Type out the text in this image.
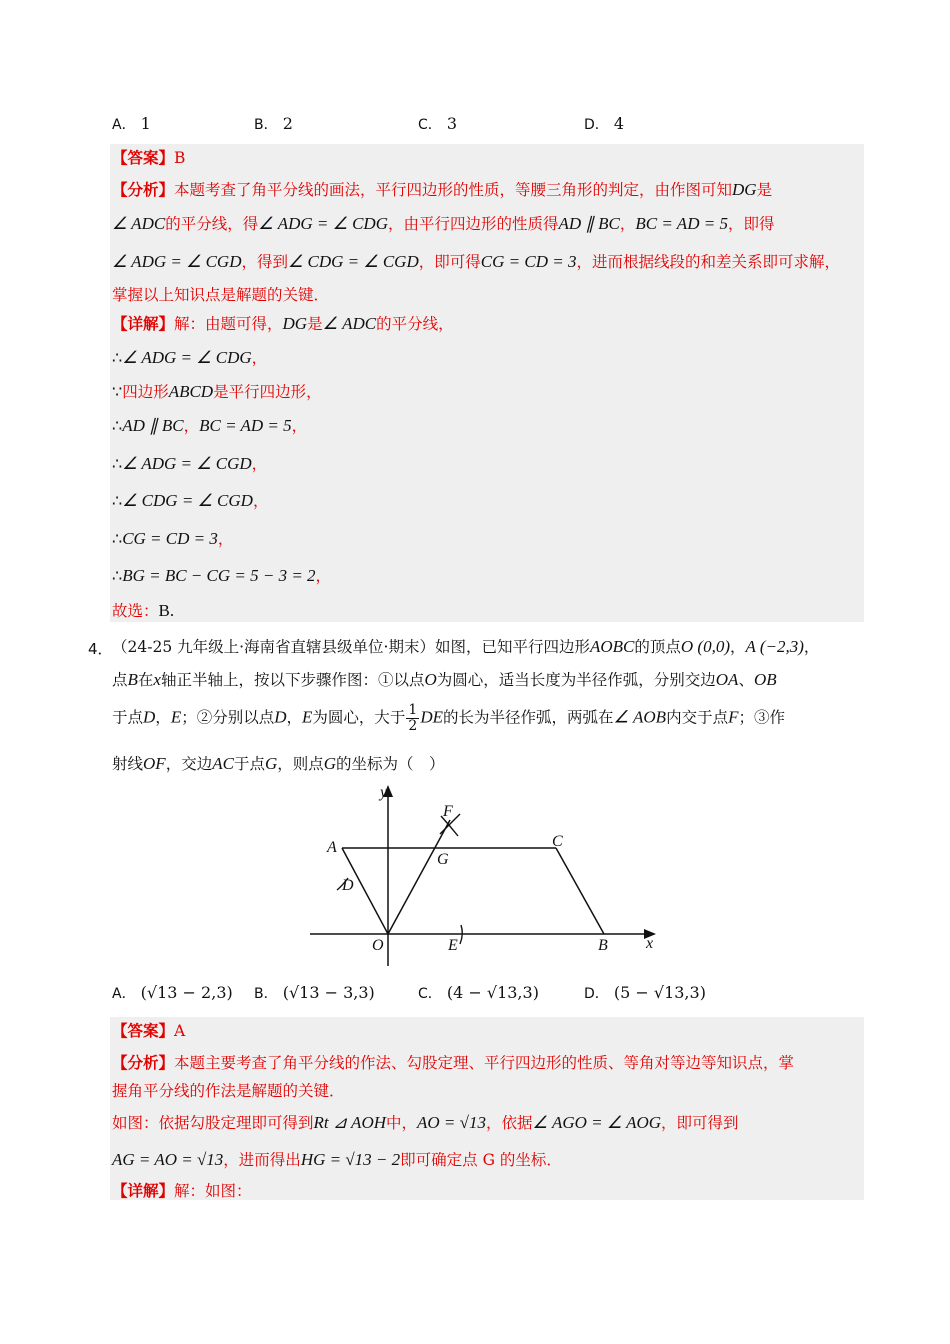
A． 1	B． 2	C． 3	D． 4
【答案】B
【分析】本题考查了角平分线的画法，平行四边形的性质，等腰三角形的判定，由作图可知DG是
∠ ADC的平分线，得∠ ADG = ∠ CDG，由平行四边形的性质得AD ∥ BC，BC = AD = 5，即得
∠ ADG = ∠ CGD，得到∠ CDG = ∠ CGD，即可得CG = CD = 3，进而根据线段的和差关系即可求解，
掌握以上知识点是解题的关键．
【详解】解：由题可得，DG是∠ ADC的平分线，
∴∠ ADG = ∠ CDG，
∵四边形ABCD是平行四边形，
∴AD ∥ BC，BC = AD = 5，
∴∠ ADG = ∠ CGD，
∴∠ CDG = ∠ CGD，
∴CG = CD = 3，
∴BG = BC − CG = 5 − 3 = 2，
故选：B.
4． （24-25 九年级上·海南省直辖县级单位·期末）如图，已知平行四边形AOBC的顶点O (0,0)，A (−2,3)，
点B在x轴正半轴上，按以下步骤作图：①以点O为圆心，适当长度为半径作弧，分别交边OA、OB
于点D，E；②分别以点D，E为圆心，大于 $\frac{1}{2}$ DE的长为半径作弧，两弧在∠ AOB内交于点F；③作
射线OF，交边AC于点G，则点G的坐标为（　）
y
x
A	C
F
G
D
O	E	B
A． (√13 − 2,3) B． (√13 − 3,3)	C． (4 − √13,3)	D． (5 − √13,3)
【答案】A
【分析】本题主要考查了角平分线的作法、勾股定理、平行四边形的性质、等角对等边等知识点，掌
握角平分线的作法是解题的关键．
如图：依据勾股定理即可得到Rt ⊿ AOH中，AO = √13，依据∠ AGO = ∠ AOG，即可得到
AG = AO = √13，进而得出HG = √13 − 2即可确定点 G 的坐标．
【详解】解：如图：
